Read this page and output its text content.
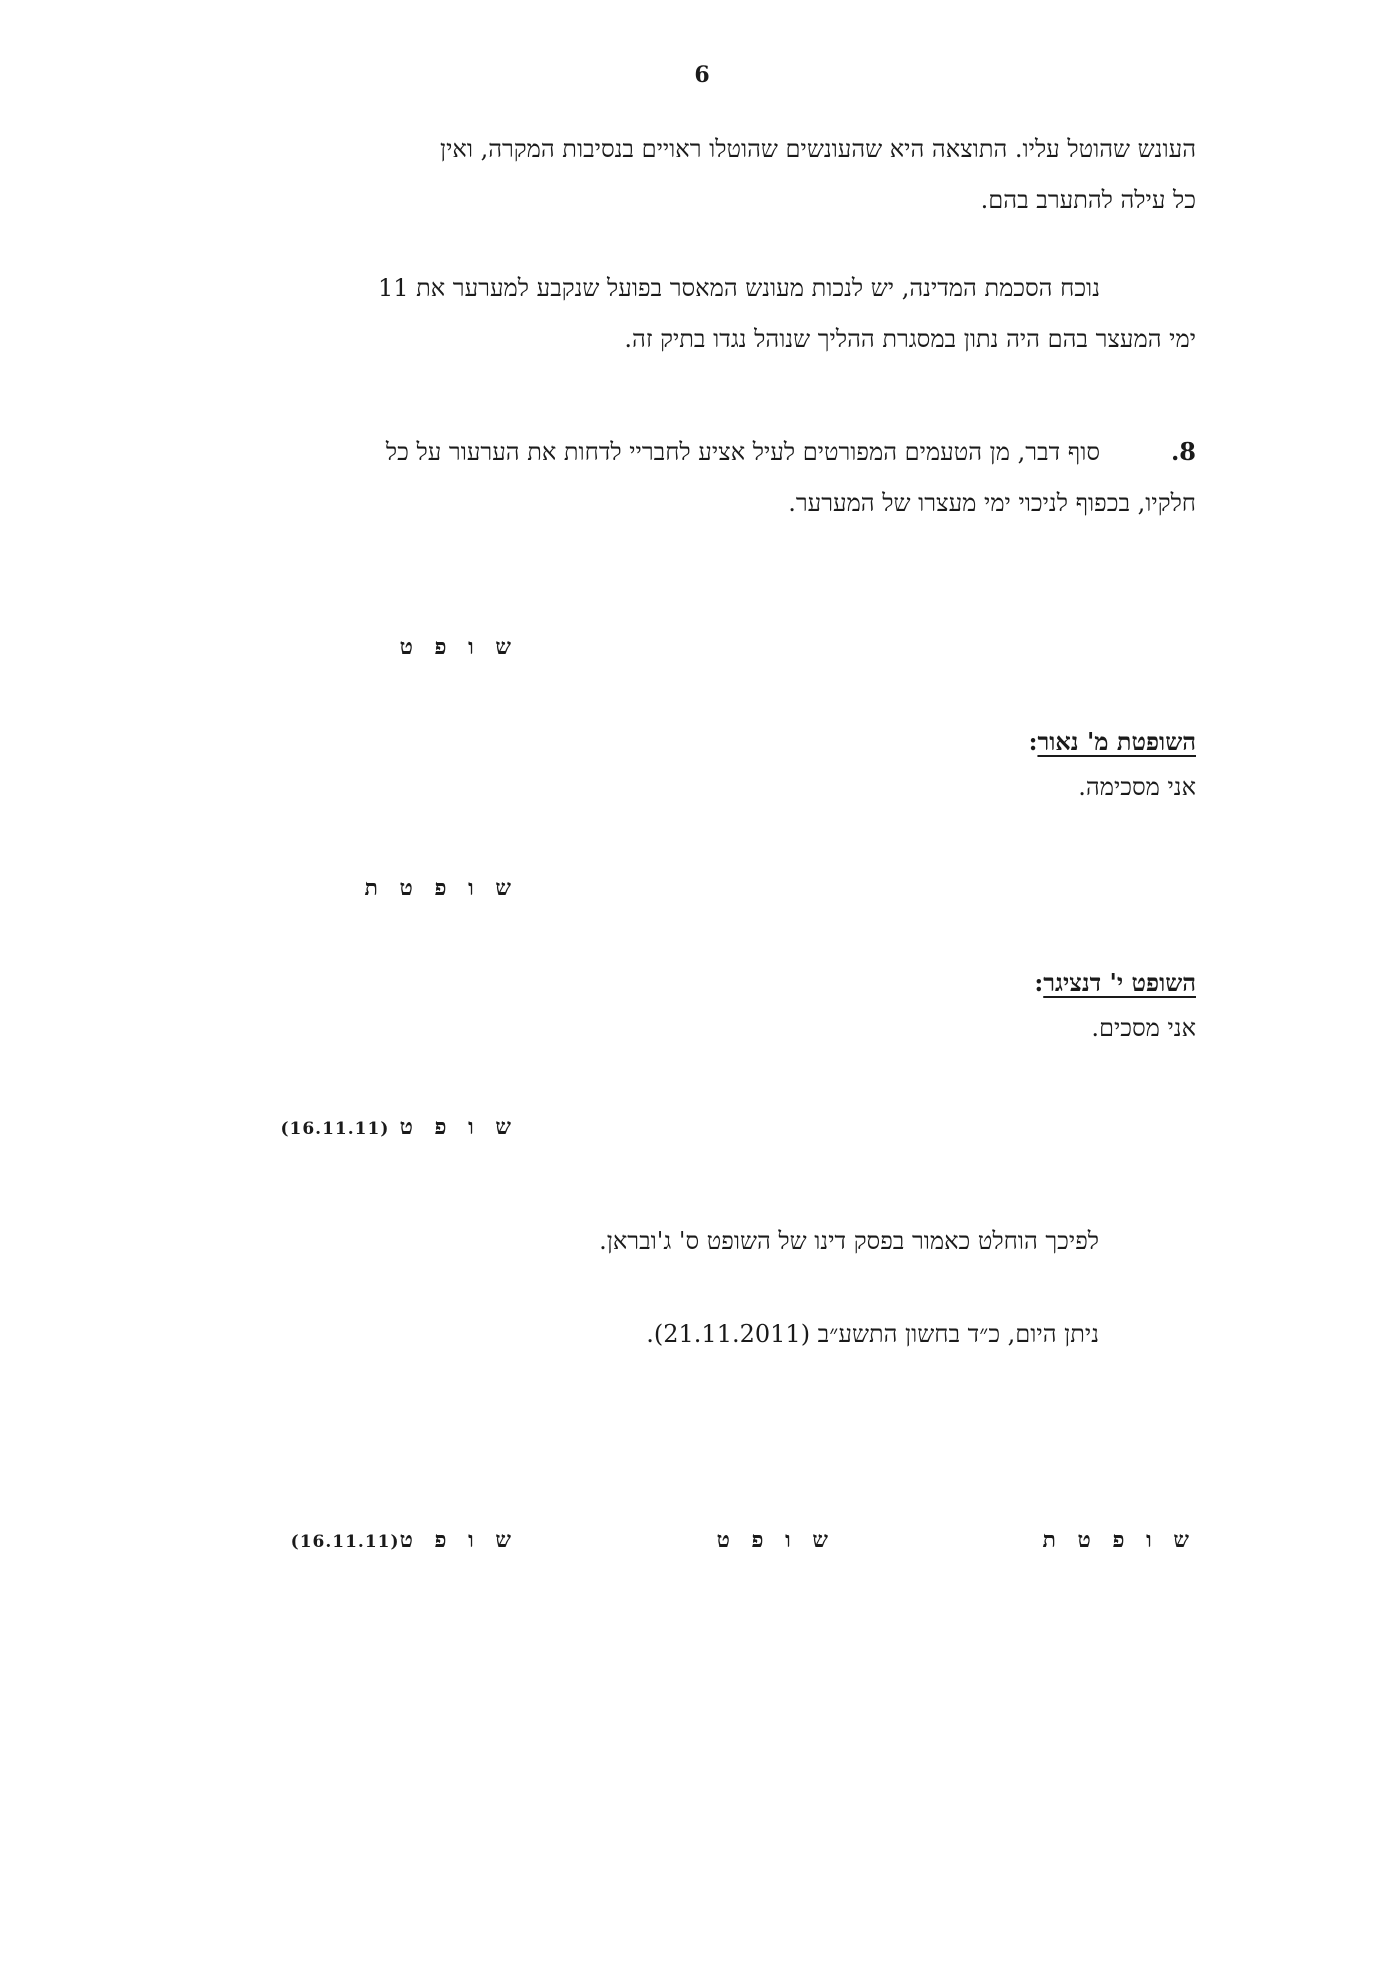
6

העונש שהוטל עליו. התוצאה היא שהעונשים שהוטלו ראויים בנסיבות המקרה, ואין

כל עילה להתערב בהם.

נוכח הסכמת המדינה, יש לנכות מעונש המאסר בפועל שנקבע למערער את 11

ימי המעצר בהם היה נתון במסגרת ההליך שנוהל נגדו בתיק זה.

8.סוף דבר, מן הטעמים המפורטים לעיל אציע לחבריי לדחות את הערעור על כל

חלקיו, בכפוף לניכוי ימי מעצרו של המערער.

ש ו פ ט
השופטת מ' נאור:
אני מסכימה.
ש ו פ ט ת
השופט י' דנציגר:
אני מסכים.
ש ו פ ט  (16.11.11)
לפיכך הוחלט כאמור בפסק דינו של השופט ס' ג'ובראן.
ניתן היום, כ״ד בחשון התשע״ב (21.11.2011).
ש ו פ ט ת
ש ו פ ט
ש ו פ ט(16.11.11)
